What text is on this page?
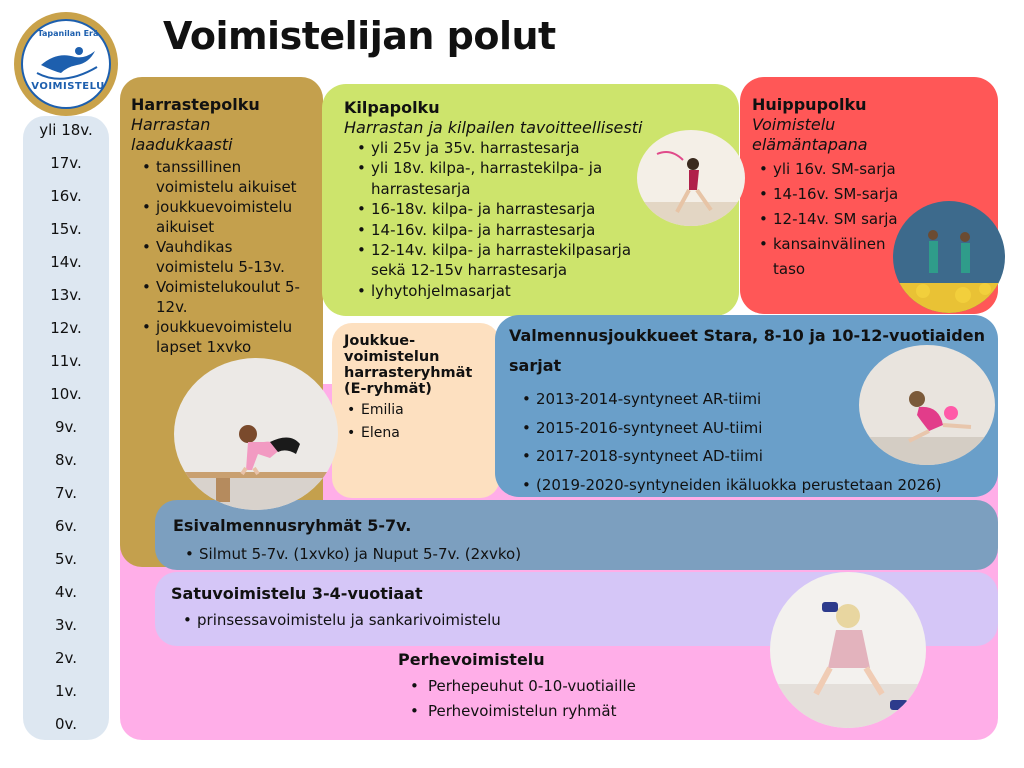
Voimistelijan polut
Tapanilan Erä
VOIMISTELU
yli 18v.
17v.
16v.
15v.
14v.
13v.
12v.
11v.
10v.
9v.
8v.
7v.
6v.
5v.
4v.
3v.
2v.
1v.
0v.
Harrastepolku
Harrastan laadukkaasti
• tanssillinen voimistelu aikuiset
• joukkuevoimistelu aikuiset
• Vauhdikas voimistelu 5-13v.
• Voimistelukoulut 5-12v.
• joukkuevoimistelu lapset 1xvko
Kilpapolku
Harrastan ja kilpailen tavoitteellisesti
• yli 25v ja 35v. harrastesarja
• yli 18v. kilpa-, harrastekilpa- ja harrastesarja
• 16-18v. kilpa- ja harrastesarja
• 14-16v. kilpa- ja harrastesarja
• 12-14v. kilpa- ja harrastekilpasarja sekä 12-15v harrastesarja
• lyhytohjelmasarjat
Huippupolku
Voimistelu elämäntapana
• yli 16v. SM-sarja
• 14-16v. SM-sarja
• 12-14v. SM sarja
• kansainvälinen taso
Joukkue-voimistelun harrasteryhmät (E-ryhmät)
• Emilia
• Elena
Valmennusjoukkueet Stara, 8-10 ja 10-12-vuotiaiden sarjat
• 2013-2014-syntyneet AR-tiimi
• 2015-2016-syntyneet AU-tiimi
• 2017-2018-syntyneet AD-tiimi
• (2019-2020-syntyneiden ikäluokka perustetaan 2026)
Esivalmennusryhmät 5-7v.
• Silmut 5-7v. (1xvko) ja Nuput 5-7v. (2xvko)
Satuvoimistelu 3-4-vuotiaat
• prinsessavoimistelu ja sankarivoimistelu
Perhevoimistelu
• Perhepeuhut 0-10-vuotiaille
• Perhevoimistelun ryhmät
